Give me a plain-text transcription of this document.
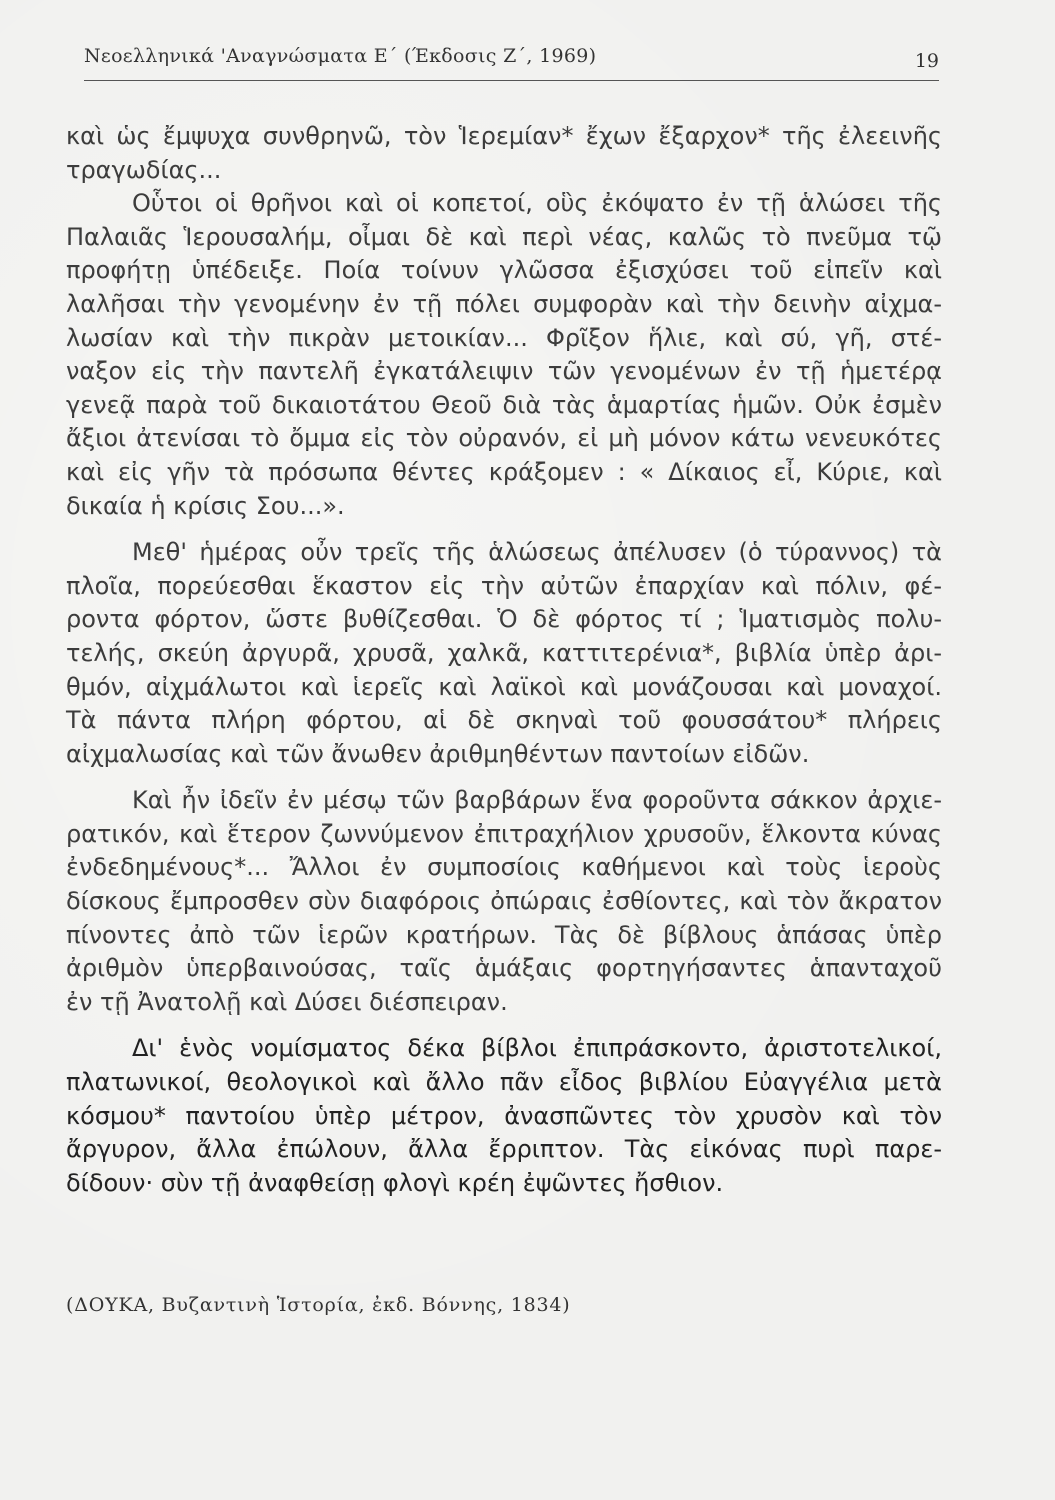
Νεοελληνικά 'Αναγνώσματα Ε΄ (Έκδοσις Ζ΄, 1969)	19
καὶ ὡς ἔμψυχα συνθρηνῶ, τὸν Ἱερεμίαν* ἔχων ἔξαρχον* τῆς ἐλεεινῆς
τραγωδίας...
Οὗτοι οἱ θρῆνοι καὶ οἱ κοπετοί, οὓς ἐκόψατο ἐν τῇ ἁλώσει τῆς
Παλαιᾶς Ἱερουσαλήμ, οἶμαι δὲ καὶ περὶ νέας, καλῶς τὸ πνεῦμα τῷ
προφήτῃ ὑπέδειξε. Ποία τοίνυν γλῶσσα ἐξισχύσει τοῦ εἰπεῖν καὶ
λαλῆσαι τὴν γενομένην ἐν τῇ πόλει συμφορὰν καὶ τὴν δεινὴν αἰχμα-
λωσίαν καὶ τὴν πικρὰν μετοικίαν... Φρῖξον ἥλιε, καὶ σύ, γῆ, στέ-
ναξον εἰς τὴν παντελῆ ἐγκατάλειψιν τῶν γενομένων ἐν τῇ ἡμετέρᾳ
γενεᾷ παρὰ τοῦ δικαιοτάτου Θεοῦ διὰ τὰς ἁμαρτίας ἡμῶν. Οὐκ ἐσμὲν
ἄξιοι ἀτενίσαι τὸ ὄμμα εἰς τὸν οὐρανόν, εἰ μὴ μόνον κάτω νενευκότες
καὶ εἰς γῆν τὰ πρόσωπα θέντες κράξομεν : « Δίκαιος εἶ, Κύριε, καὶ
δικαία ἡ κρίσις Σου...».
Μεθ' ἡμέρας οὖν τρεῖς τῆς ἁλώσεως ἀπέλυσεν (ὁ τύραννος) τὰ
πλοῖα, πορεύεσθαι ἕκαστον εἰς τὴν αὐτῶν ἐπαρχίαν καὶ πόλιν, φέ-
ροντα φόρτον, ὥστε βυθίζεσθαι. Ὁ δὲ φόρτος τί ; Ἱματισμὸς πολυ-
τελής, σκεύη ἀργυρᾶ, χρυσᾶ, χαλκᾶ, καττιτερένια*, βιβλία ὑπὲρ ἀρι-
θμόν, αἰχμάλωτοι καὶ ἱερεῖς καὶ λαϊκοὶ καὶ μονάζουσαι καὶ μοναχοί.
Τὰ πάντα πλήρη φόρτου, αἱ δὲ σκηναὶ τοῦ φουσσάτου* πλήρεις
αἰχμαλωσίας καὶ τῶν ἄνωθεν ἀριθμηθέντων παντοίων εἰδῶν.
Καὶ ἦν ἰδεῖν ἐν μέσῳ τῶν βαρβάρων ἕνα φοροῦντα σάκκον ἀρχιε-
ρατικόν, καὶ ἕτερον ζωννύμενον ἐπιτραχήλιον χρυσοῦν, ἕλκοντα κύνας
ἐνδεδημένους*... Ἄλλοι ἐν συμποσίοις καθήμενοι καὶ τοὺς ἱεροὺς
δίσκους ἔμπροσθεν σὺν διαφόροις ὀπώραις ἐσθίοντες, καὶ τὸν ἄκρατον
πίνοντες ἀπὸ τῶν ἱερῶν κρατήρων. Τὰς δὲ βίβλους ἁπάσας ὑπὲρ
ἀριθμὸν ὑπερβαινούσας, ταῖς ἁμάξαις φορτηγήσαντες ἁπανταχοῦ
ἐν τῇ Ἀνατολῇ καὶ Δύσει διέσπειραν.
Δι' ἑνὸς νομίσματος δέκα βίβλοι ἐπιπράσκοντο, ἀριστοτελικοί,
πλατωνικοί, θεολογικοὶ καὶ ἄλλο πᾶν εἶδος βιβλίου Εὐαγγέλια μετὰ
κόσμου* παντοίου ὑπὲρ μέτρον, ἀνασπῶντες τὸν χρυσὸν καὶ τὸν
ἄργυρον, ἄλλα ἐπώλουν, ἄλλα ἔρριπτον. Τὰς εἰκόνας πυρὶ παρε-
δίδουν· σὺν τῇ ἀναφθείσῃ φλογὶ κρέη ἐψῶντες ἤσθιον.
(ΔΟΥΚΑ, Βυζαντινὴ Ἱστορία, ἐκδ. Βόννης, 1834)
